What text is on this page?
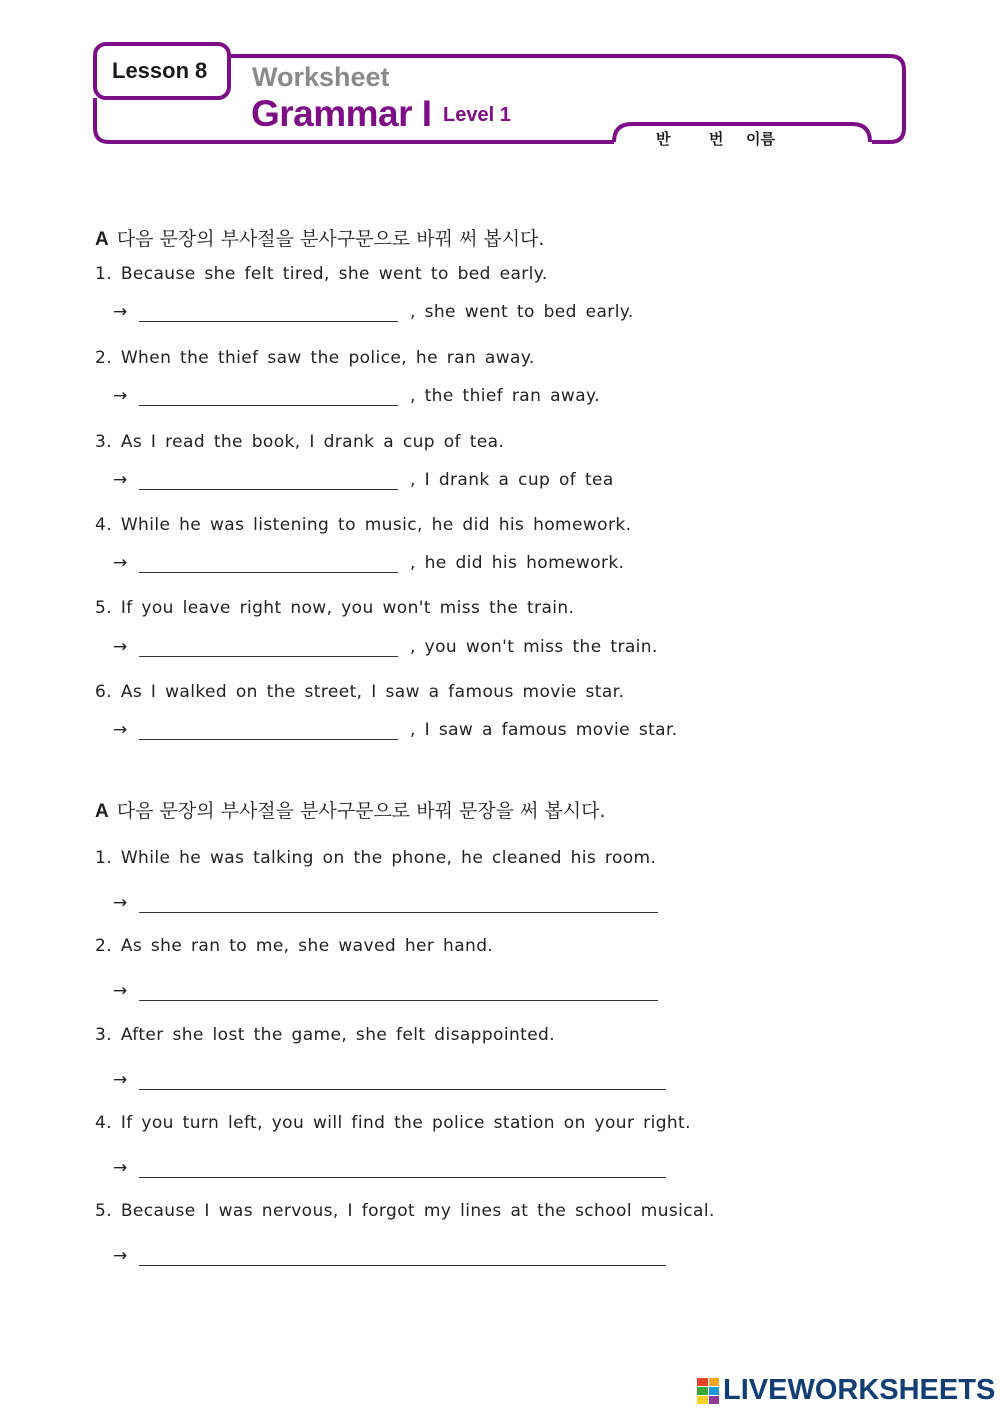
Lesson 8 Worksheet
Grammar I Level 1
반	번 이름
A 다음 문장의 부사절을 분사구문으로 바꿔 써 봅시다.
1. Because she felt tired, she went to bed early.
→	, she went to bed early.
2. When the thief saw the police, he ran away.
→	, the thief ran away.
3. As I read the book, I drank a cup of tea.
→	, I drank a cup of tea
4. While he was listening to music, he did his homework.
→	, he did his homework.
5. If you leave right now, you won't miss the train.
→	, you won't miss the train.
6. As I walked on the street, I saw a famous movie star.
→	, I saw a famous movie star.
A 다음 문장의 부사절을 분사구문으로 바꿔 문장을 써 봅시다.
1. While he was talking on the phone, he cleaned his room.
→
2. As she ran to me, she waved her hand.
→
3. After she lost the game, she felt disappointed.
→
4. If you turn left, you will find the police station on your right.
→
5. Because I was nervous, I forgot my lines at the school musical.
→
LIVEWORKSHEETS
